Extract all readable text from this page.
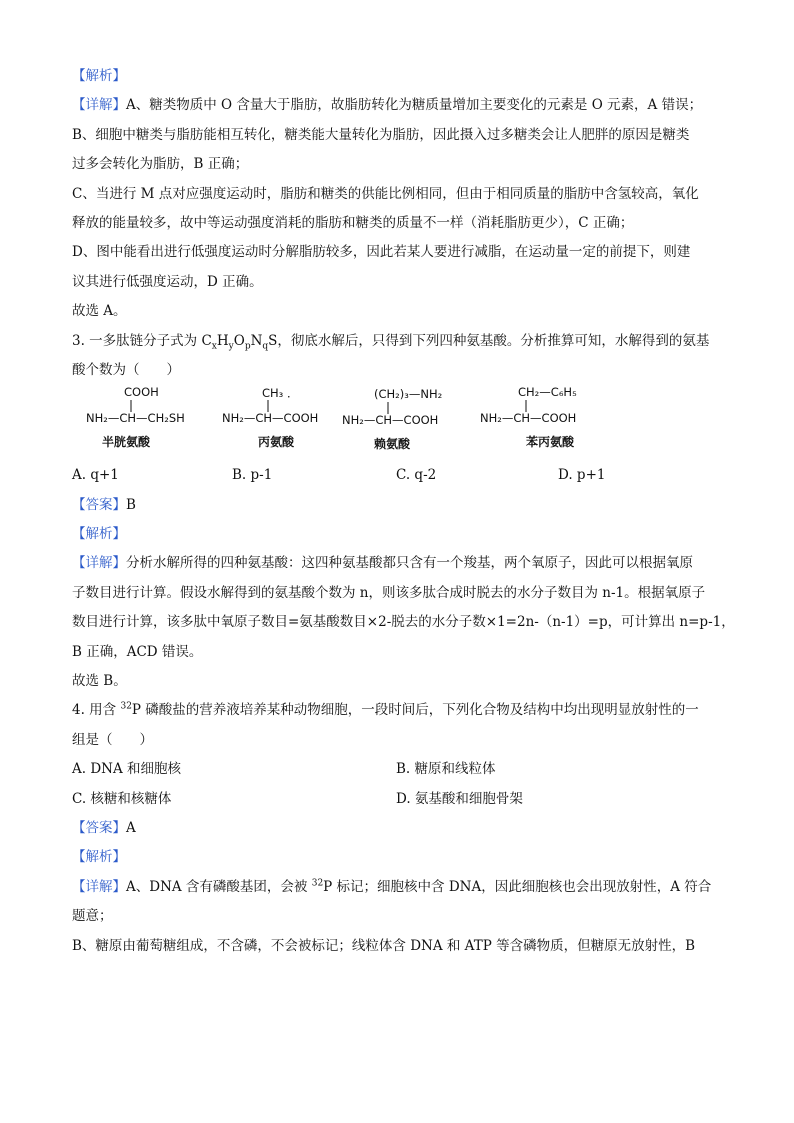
【解析】
【详解】A、糖类物质中 O 含量大于脂肪，故脂肪转化为糖质量增加主要变化的元素是 O 元素，A 错误；
B、细胞中糖类与脂肪能相互转化，糖类能大量转化为脂肪，因此摄入过多糖类会让人肥胖的原因是糖类
过多会转化为脂肪，B 正确；
C、当进行 M 点对应强度运动时，脂肪和糖类的供能比例相同，但由于相同质量的脂肪中含氢较高，氧化
释放的能量较多，故中等运动强度消耗的脂肪和糖类的质量不一样（消耗脂肪更少），C 正确；
D、图中能看出进行低强度运动时分解脂肪较多，因此若某人要进行减脂，在运动量一定的前提下，则建
议其进行低强度运动，D 正确。
故选 A。
3. 一多肽链分子式为 $C_xH_yO_pN_qS$，彻底水解后，只得到下列四种氨基酸。分析推算可知，水解得到的氨基
酸个数为（　　）
COOH
NH₂—CH—CH₂SH
半胱氨酸
CH₃ ．
NH₂—CH—COOH
丙氨酸
(CH₂)₃—NH₂
NH₂—CH—COOH
赖氨酸
CH₂—C₆H₅
NH₂—CH—COOH
苯丙氨酸
A. q+1	B. p-1	C. q-2	D. p+1
【答案】B
【解析】
【详解】分析水解所得的四种氨基酸：这四种氨基酸都只含有一个羧基，两个氧原子，因此可以根据氧原
子数目进行计算。假设水解得到的氨基酸个数为 n，则该多肽合成时脱去的水分子数目为 n-1。根据氧原子
数目进行计算，该多肽中氧原子数目=氨基酸数目×2-脱去的水分子数×1=2n-（n-1）=p，可计算出 n=p-1，
B 正确，ACD 错误。
故选 B。
4. 用含 $^{32}$P 磷酸盐的营养液培养某种动物细胞，一段时间后，下列化合物及结构中均出现明显放射性的一
组是（　　）
A. DNA 和细胞核	B. 糖原和线粒体
C. 核糖和核糖体	D. 氨基酸和细胞骨架
【答案】A
【解析】
【详解】A、DNA 含有磷酸基团，会被 $^{32}$P 标记；细胞核中含 DNA，因此细胞核也会出现放射性，A 符合
题意；
B、糖原由葡萄糖组成，不含磷，不会被标记；线粒体含 DNA 和 ATP 等含磷物质，但糖原无放射性，B
